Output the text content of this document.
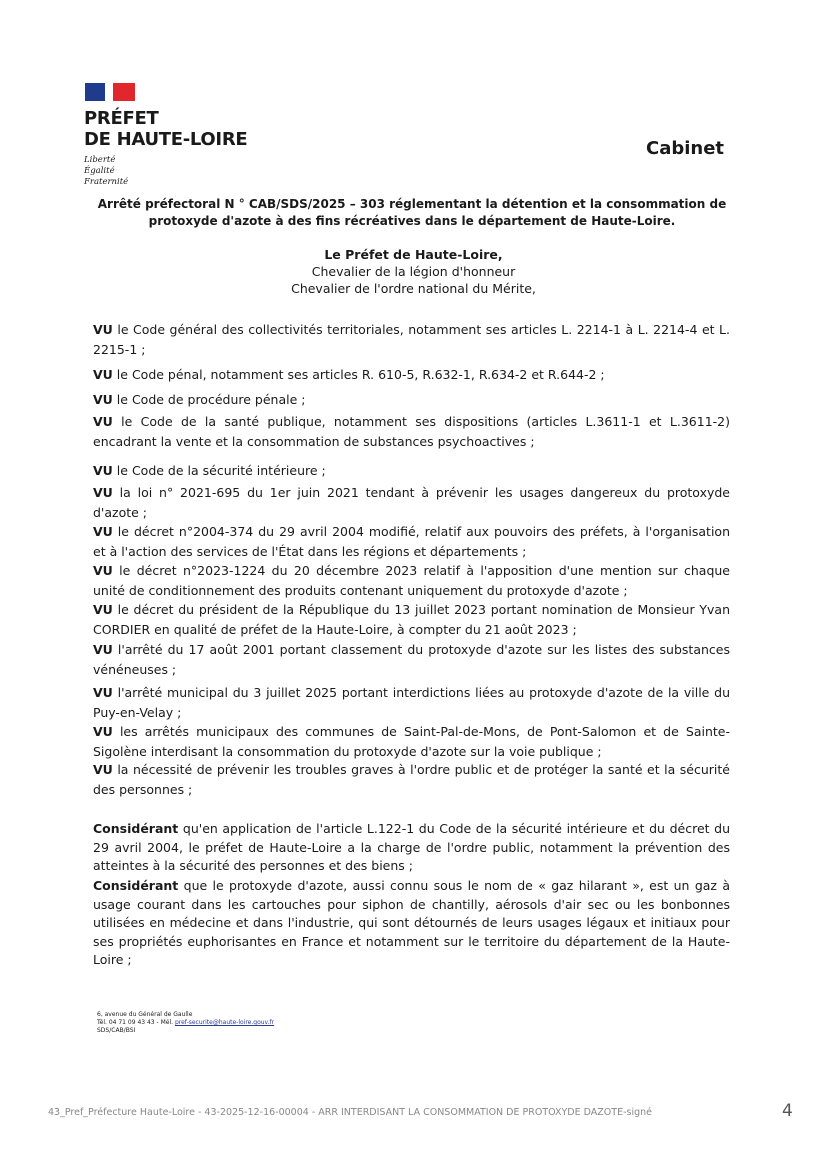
PRÉFET
DE HAUTE-LOIRE
Liberté
Égalité
Fraternité
Cabinet
Arrêté préfectoral N ° CAB/SDS/2025 – 303 réglementant la détention et la consommation de protoxyde d'azote à des fins récréatives dans le département de Haute-Loire.
Le Préfet de Haute-Loire,
Chevalier de la légion d'honneur
Chevalier de l'ordre national du Mérite,
VU le Code général des collectivités territoriales, notamment ses articles L. 2214-1 à L. 2214-4 et L. 2215-1 ;
VU le Code pénal, notamment ses articles R. 610-5, R.632-1, R.634-2 et R.644-2 ;
VU le Code de procédure pénale ;
VU le Code de la santé publique, notamment ses dispositions (articles L.3611-1 et L.3611-2) encadrant la vente et la consommation de substances psychoactives ;
VU le Code de la sécurité intérieure ;
VU la loi n° 2021-695 du 1er juin 2021 tendant à prévenir les usages dangereux du protoxyde d'azote ;
VU le décret n°2004-374 du 29 avril 2004 modifié, relatif aux pouvoirs des préfets, à l'organisation et à l'action des services de l'État dans les régions et départements ;
VU le décret n°2023-1224 du 20 décembre 2023 relatif à l'apposition d'une mention sur chaque unité de conditionnement des produits contenant uniquement du protoxyde d'azote ;
VU le décret du président de la République du 13 juillet 2023 portant nomination de Monsieur Yvan CORDIER en qualité de préfet de la Haute-Loire, à compter du 21 août 2023 ;
VU l'arrêté du 17 août 2001 portant classement du protoxyde d'azote sur les listes des substances vénéneuses ;
VU l'arrêté municipal du 3 juillet 2025 portant interdictions liées au protoxyde d'azote de la ville du Puy-en-Velay ;
VU les arrêtés municipaux des communes de Saint-Pal-de-Mons, de Pont-Salomon et de Sainte-Sigolène interdisant la consommation du protoxyde d'azote sur la voie publique ;
VU la nécessité de prévenir les troubles graves à l'ordre public et de protéger la santé et la sécurité des personnes ;
Considérant qu'en application de l'article L.122-1 du Code de la sécurité intérieure et du décret du 29 avril 2004, le préfet de Haute-Loire a la charge de l'ordre public, notamment la prévention des atteintes à la sécurité des personnes et des biens ;
Considérant que le protoxyde d'azote, aussi connu sous le nom de « gaz hilarant », est un gaz à usage courant dans les cartouches pour siphon de chantilly, aérosols d'air sec ou les bonbonnes utilisées en médecine et dans l'industrie, qui sont détournés de leurs usages légaux et initiaux pour ses propriétés euphorisantes en France et notamment sur le territoire du département de la Haute-Loire ;
6, avenue du Général de Gaulle
Tél. 04 71 09 43 43 - Mél. pref-securite@haute-loire.gouv.fr
SDS/CAB/BSI
43_Pref_Préfecture Haute-Loire - 43-2025-12-16-00004 - ARR INTERDISANT LA CONSOMMATION DE PROTOXYDE DAZOTE-signé	4
